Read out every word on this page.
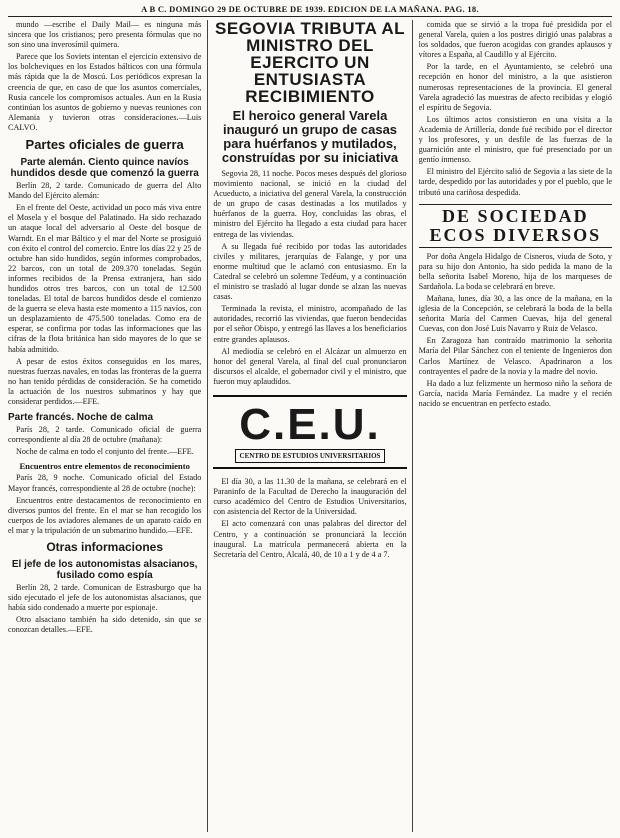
A B C. DOMINGO 29 DE OCTUBRE DE 1939. EDICION DE LA MAÑANA. PAG. 18.

mundo —escribe el Daily Mail— es ninguna más sincera que los cristianos; pero presenta fórmulas que no son sino una inverosímil quimera.

Parece que los Soviets intentan el ejercicio extensivo de los bolcheviques en los Estados bálticos con una fórmula más rápida que la de Moscú. Los periódicos expresan la creencia de que, en caso de que los asuntos comerciales, Rusia cancele los compromisos actuales. Aun en la Rusia continúan los asuntos de gobierno y nuevas reuniones con Alemania y tuvieron otras consideraciones.—Luis CALVO.

Partes oficiales de guerra
Parte alemán. Ciento quince navíos hundidos desde que comenzó la guerra

Berlín 28, 2 tarde. Comunicado de guerra del Alto Mando del Ejército alemán:

En el frente del Oeste, actividad un poco más viva entre el Mosela y el bosque del Palatinado. Ha sido rechazado un ataque local del adversario al Oeste del bosque de Warndt. En el mar Báltico y el mar del Norte se prosiguió con éxito el control del comercio. Entre los días 22 y 25 de octubre han sido hundidos, según informes comprobados, 22 barcos, con un total de 209.370 toneladas. Según informes recibidos de la Prensa extranjera, han sido hundidos otros tres barcos, con un total de 12.500 toneladas. El total de barcos hundidos desde el comienzo de la guerra se eleva hasta este momento a 115 navíos, con un desplazamiento de 475.500 toneladas. Como era de esperar, se confirma por todas las informaciones que las cifras de la flota británica han sido mayores de lo que se había admitido.

A pesar de estos éxitos conseguidos en los mares, nuestras fuerzas navales, en todas las fronteras de la guerra no han tenido pérdidas de consideración. Se ha cometido la actuación de los nuestros submarinos y hay que considerar perdidos.—EFE.

Parte francés. Noche de calma

París 28, 2 tarde. Comunicado oficial de guerra correspondiente al día 28 de octubre (mañana):

Noche de calma en todo el conjunto del frente.—EFE.

Encuentros entre elementos de reconocimiento

París 28, 9 noche. Comunicado oficial del Estado Mayor francés, correspondiente al 28 de octubre (noche):

Encuentros entre destacamentos de reconocimiento en diversos puntos del frente. En el mar se han recogido los cuerpos de los aviadores alemanes de un aparato caído en el mar y la tripulación de un submarino hundido.—EFE.

Otras informaciones
El jefe de los autonomistas alsacianos, fusilado como espía

Berlín 28, 2 tarde. Comunican de Estrasburgo que ha sido ejecutado el jefe de los autonomistas alsacianos, que había sido condenado a muerte por espionaje.

Otro alsaciano también ha sido detenido, sin que se conozcan detalles.—EFE.

SEGOVIA TRIBUTA AL MINISTRO DEL EJERCITO UN ENTUSIASTA RECIBIMIENTO
El heroico general Varela inauguró un grupo de casas para huérfanos y mutilados, construídas por su iniciativa

Segovia 28, 11 noche. Pocos meses después del glorioso movimiento nacional, se inició en la ciudad del Acueducto, a iniciativa del general Varela, la construcción de un grupo de casas destinadas a los mutilados y huérfanos de la guerra. Hoy, concluidas las obras, el ministro del Ejército ha llegado a esta ciudad para hacer entrega de las viviendas.

A su llegada fué recibido por todas las autoridades civiles y militares, jerarquías de Falange, y por una enorme multitud que le aclamó con entusiasmo. En la Catedral se celebró un solemne Tedéum, y a continuación el ministro se trasladó al lugar donde se alzan las nuevas casas.

Terminada la revista, el ministro, acompañado de las autoridades, recorrió las viviendas, que fueron bendecidas por el señor Obispo, y entregó las llaves a los beneficiarios entre grandes aplausos.

Al mediodía se celebró en el Alcázar un almuerzo en honor del general Varela, al final del cual pronunciaron discursos el alcalde, el gobernador civil y el ministro, que fueron muy aplaudidos.

C.E.U.
CENTRO DE ESTUDIOS UNIVERSITARIOS

El día 30, a las 11.30 de la mañana, se celebrará en el Paraninfo de la Facultad de Derecho la inauguración del curso académico del Centro de Estudios Universitarios, con asistencia del Rector de la Universidad.

El acto comenzará con unas palabras del director del Centro, y a continuación se pronunciará la lección inaugural. La matrícula permanecerá abierta en la Secretaría del Centro, Alcalá, 40, de 10 a 1 y de 4 a 7.

comida que se sirvió a la tropa fué presidida por el general Varela, quien a los postres dirigió unas palabras a los soldados, que fueron acogidas con grandes aplausos y vítores a España, al Caudillo y al Ejército.

Por la tarde, en el Ayuntamiento, se celebró una recepción en honor del ministro, a la que asistieron numerosas representaciones de la provincia. El general Varela agradeció las muestras de afecto recibidas y elogió el espíritu de Segovia.

Los últimos actos consistieron en una visita a la Academia de Artillería, donde fué recibido por el director y los profesores, y un desfile de las fuerzas de la guarnición ante el ministro, que fué presenciado por un gentío inmenso.

El ministro del Ejército salió de Segovia a las siete de la tarde, despedido por las autoridades y por el pueblo, que le tributó una cariñosa despedida.

DE SOCIEDAD ECOS DIVERSOS

Por doña Angela Hidalgo de Cisneros, viuda de Soto, y para su hijo don Antonio, ha sido pedida la mano de la bella señorita Isabel Moreno, hija de los marqueses de Sardañola. La boda se celebrará en breve.

Mañana, lunes, día 30, a las once de la mañana, en la iglesia de la Concepción, se celebrará la boda de la bella señorita María del Carmen Cuevas, hija del general Cuevas, con don José Luis Navarro y Ruiz de Velasco.

En Zaragoza han contraído matrimonio la señorita María del Pilar Sánchez con el teniente de Ingenieros don Carlos Martínez de Velasco. Apadrinaron a los contrayentes el padre de la novia y la madre del novio.

Ha dado a luz felizmente un hermoso niño la señora de García, nacida María Fernández. La madre y el recién nacido se encuentran en perfecto estado.
